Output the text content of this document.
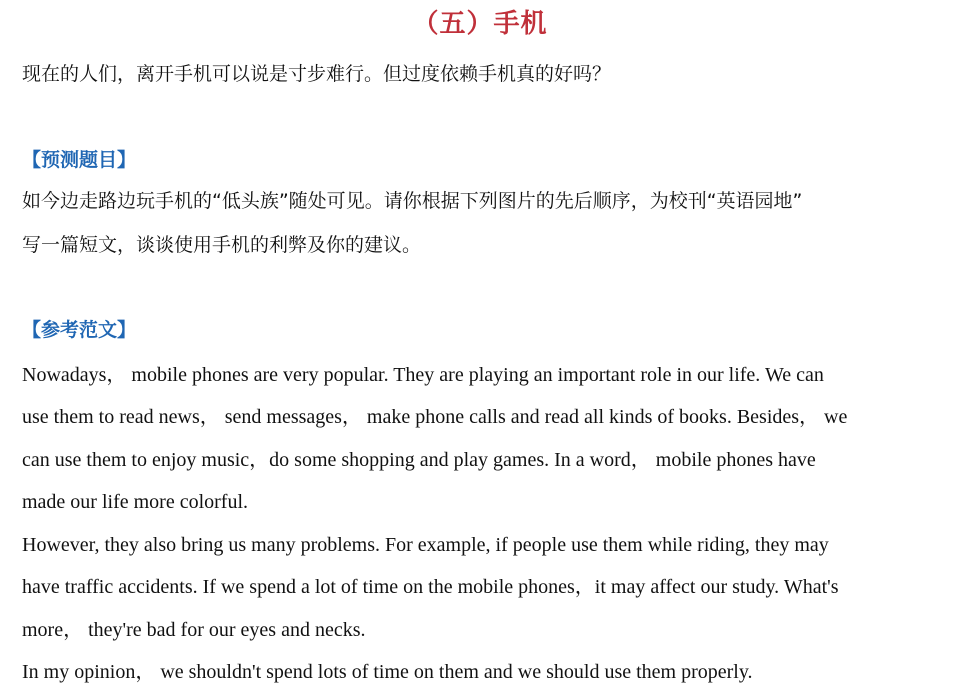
（五）手机
现在的人们，离开手机可以说是寸步难行。但过度依赖手机真的好吗？
【预测题目】
如今边走路边玩手机的“低头族”随处可见。请你根据下列图片的先后顺序，为校刊“英语园地”
写一篇短文，谈谈使用手机的利弊及你的建议。
【参考范文】
Nowadays， mobile phones are very popular. They are playing an important role in our life. We can
use them to read news， send messages， make phone calls and read all kinds of books. Besides， we
can use them to enjoy music，do some shopping and play games. In a word， mobile phones have
made our life more colorful.
However, they also bring us many problems. For example, if people use them while riding, they may
have traffic accidents. If we spend a lot of time on the mobile phones，it may affect our study. What's
more， they're bad for our eyes and necks.
In my opinion， we shouldn't spend lots of time on them and we should use them properly.
